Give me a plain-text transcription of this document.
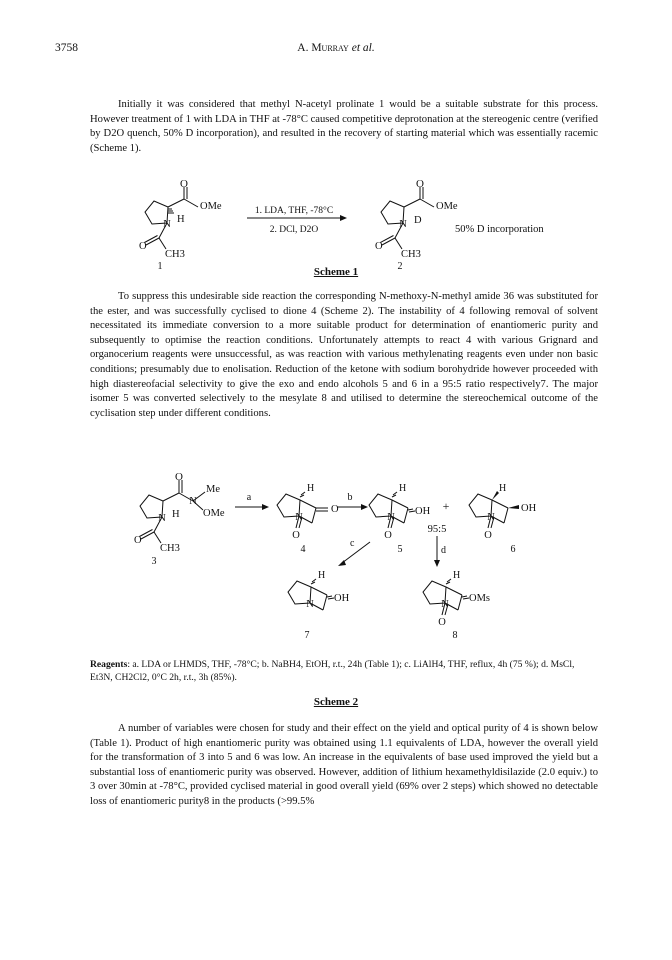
3758	A. Murray et al.

Initially it was considered that methyl N-acetyl prolinate 1 would be a suitable substrate for this process. However treatment of 1 with LDA in THF at -78°C caused competitive deprotonation at the stereogenic centre (verified by D2O quench, 50% D incorporation), and resulted in the recovery of starting material which was essentially racemic (Scheme 1).

O
OMe
N H
O
CH3
1
1. LDA, THF, -78°C
2. DCl, D2O
O
OMe
N D
O
CH3
2
50% D incorporation
Scheme 1

To suppress this undesirable side reaction the corresponding N-methoxy-N-methyl amide 36 was substituted for the ester, and was successfully cyclised to dione 4 (Scheme 2). The instability of 4 following removal of solvent necessitated its immediate conversion to a more suitable product for determination of enantiomeric purity and subsequently to optimise the reaction conditions. Unfortunately attempts to react 4 with various Grignard and organocerium reagents were unsuccessful, as was reaction with various methylenating reagents even under non basic conditions; presumably due to enolisation. Reduction of the ketone with sodium borohydride however proceeded with high diastereofacial selectivity to give the exo and endo alcohols 5 and 6 in a 95:5 ratio respectively7. The major isomer 5 was converted selectively to the mesylate 8 and utilised to determine the stereochemical outcome of the cyclisation step under different conditions.

O
N
Me
OMe
N H
O
CH3
3
a	b
c
d
H
O
N
O
4
H
OH
N
O
5
+
95:5
H
OH
N
O
6
H
OH
N
7
H
OMs
N
O
8

Reagents: a. LDA or LHMDS, THF, -78°C; b. NaBH4, EtOH, r.t., 24h (Table 1); c. LiAlH4, THF, reflux, 4h (75 %); d. MsCl, Et3N, CH2Cl2, 0°C 2h, r.t., 3h (85%).

Scheme 2

A number of variables were chosen for study and their effect on the yield and optical purity of 4 is shown below (Table 1). Product of high enantiomeric purity was obtained using 1.1 equivalents of LDA, however the overall yield for the transformation of 3 into 5 and 6 was low. An increase in the equivalents of base used improved the yield but a substantial loss of enantiomeric purity was observed. However, addition of lithium hexamethyldisilazide (2.0 equiv.) to 3 over 30min at -78°C, provided cyclised material in good overall yield (69% over 2 steps) which showed no detectable loss of enantiomeric purity8 in the products (>99.5%
